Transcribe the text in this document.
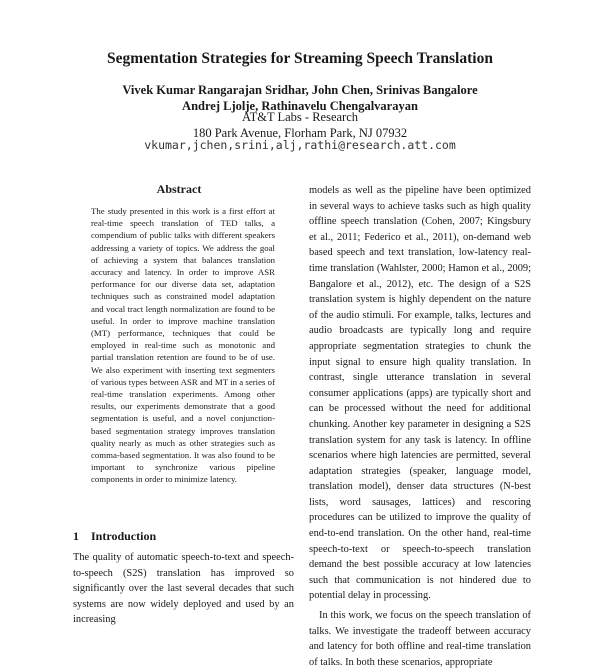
Segmentation Strategies for Streaming Speech Translation
Vivek Kumar Rangarajan Sridhar, John Chen, Srinivas Bangalore
Andrej Ljolje, Rathinavelu Chengalvarayan
AT&T Labs - Research
180 Park Avenue, Florham Park, NJ 07932
vkumar,jchen,srini,alj,rathi@research.att.com
Abstract

The study presented in this work is a first effort at real-time speech translation of TED talks, a compendium of public talks with different speakers addressing a variety of topics. We address the goal of achieving a system that balances translation accuracy and latency. In order to improve ASR performance for our diverse data set, adaptation techniques such as constrained model adaptation and vocal tract length normalization are found to be useful. In order to improve machine translation (MT) performance, techniques that could be employed in real-time such as monotonic and partial translation retention are found to be of use. We also experiment with inserting text segmenters of various types between ASR and MT in a series of real-time translation experiments. Among other results, our experiments demonstrate that a good segmentation is useful, and a novel conjunction-based segmentation strategy improves translation quality nearly as much as other strategies such as comma-based segmentation. It was also found to be important to synchronize various pipeline components in order to minimize latency.

1 Introduction

The quality of automatic speech-to-text and speech-to-speech (S2S) translation has improved so significantly over the last several decades that such systems are now widely deployed and used by an increasing

models as well as the pipeline have been optimized in several ways to achieve tasks such as high quality offline speech translation (Cohen, 2007; Kingsbury et al., 2011; Federico et al., 2011), on-demand web based speech and text translation, low-latency real-time translation (Wahlster, 2000; Hamon et al., 2009; Bangalore et al., 2012), etc. The design of a S2S translation system is highly dependent on the nature of the audio stimuli. For example, talks, lectures and audio broadcasts are typically long and require appropriate segmentation strategies to chunk the input signal to ensure high quality translation. In contrast, single utterance translation in several consumer applications (apps) are typically short and can be processed without the need for additional chunking. Another key parameter in designing a S2S translation system for any task is latency. In offline scenarios where high latencies are permitted, several adaptation strategies (speaker, language model, translation model), denser data structures (N-best lists, word sausages, lattices) and rescoring procedures can be utilized to improve the quality of end-to-end translation. On the other hand, real-time speech-to-text or speech-to-speech translation demand the best possible accuracy at low latencies such that communication is not hindered due to potential delay in processing.

In this work, we focus on the speech translation of talks. We investigate the tradeoff between accuracy and latency for both offline and real-time translation of talks. In both these scenarios, appropriate
